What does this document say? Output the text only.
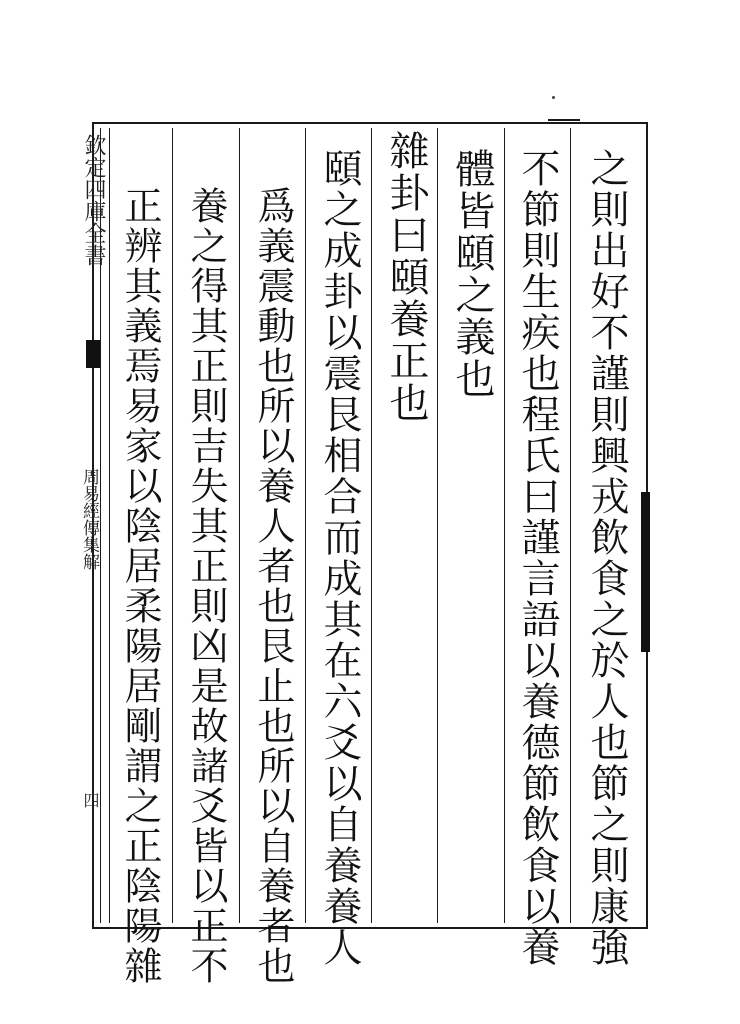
欽定四庫全書
周易經傳集解
四	之則出好不謹則興戎飲食之於人也節之則康強
不節則生疾也程氏曰謹言語以養德節飲食以養
體皆頤之義也
雜卦曰頤養正也
頤之成卦以震艮相合而成其在六爻以自養養人
爲義震動也所以養人者也艮止也所以自養者也
養之得其正則吉失其正則凶是故諸爻皆以正不
正辨其義焉易家以陰居柔陽居剛謂之正陰陽雜
